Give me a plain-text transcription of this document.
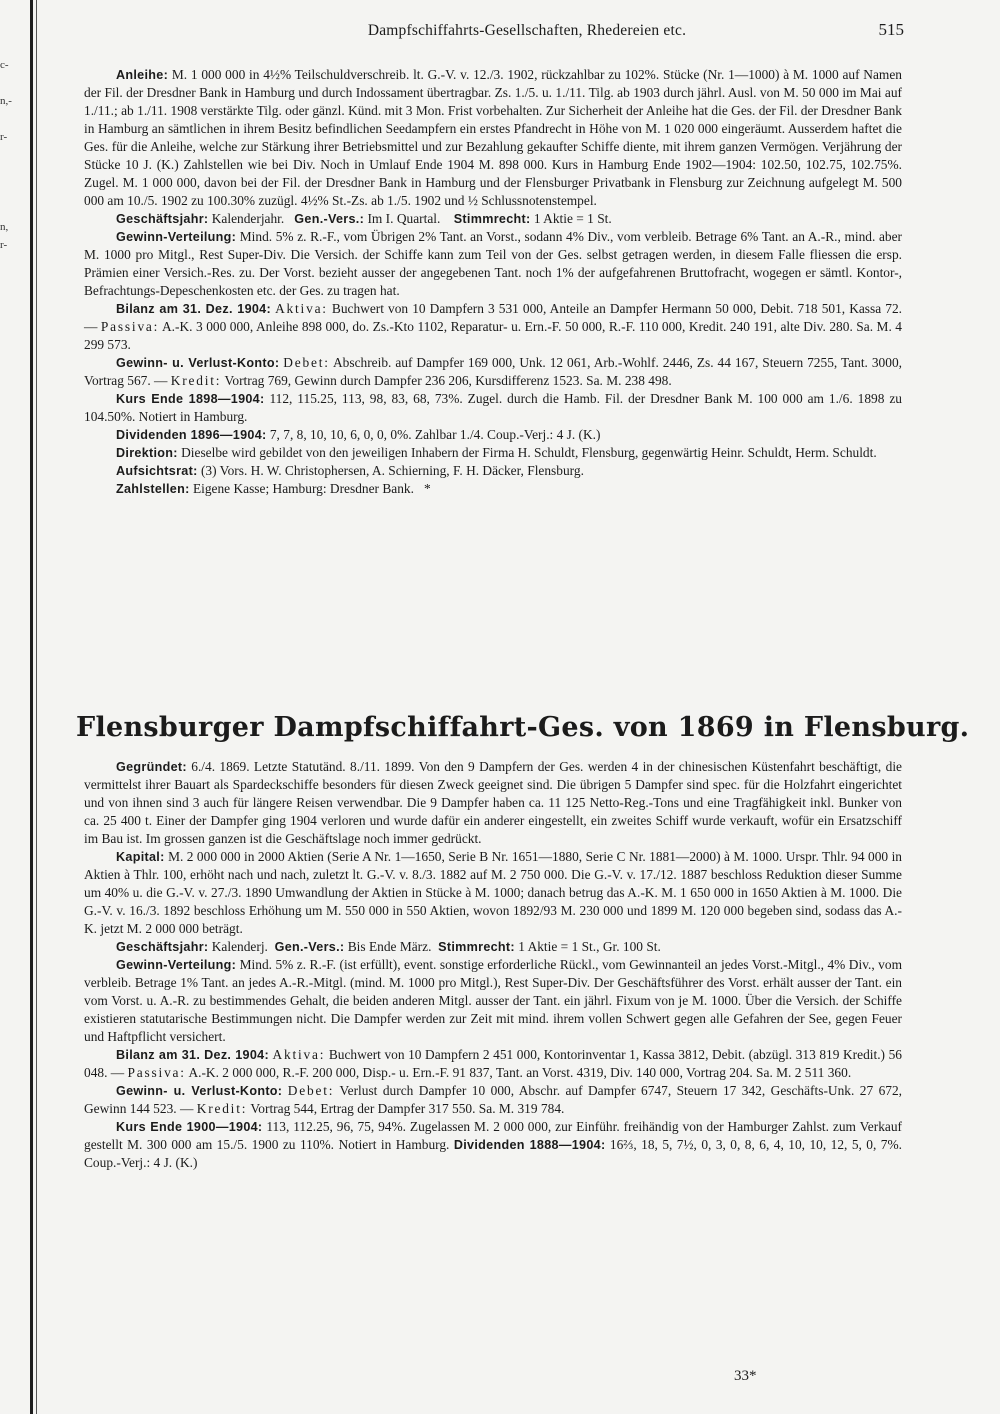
c-
n,-
r-
n,
r-
Dampfschiffahrts-Gesellschaften, Rhedereien etc.	515

Anleihe: M. 1 000 000 in 4½% Teilschuldverschreib. lt. G.-V. v. 12./3. 1902, rückzahlbar zu 102%. Stücke (Nr. 1—1000) à M. 1000 auf Namen der Fil. der Dresdner Bank in Hamburg und durch Indossament übertragbar. Zs. 1./5. u. 1./11. Tilg. ab 1903 durch jährl. Ausl. von M. 50 000 im Mai auf 1./11.; ab 1./11. 1908 verstärkte Tilg. oder gänzl. Künd. mit 3 Mon. Frist vorbehalten. Zur Sicherheit der Anleihe hat die Ges. der Fil. der Dresdner Bank in Hamburg an sämtlichen in ihrem Besitz befindlichen Seedampfern ein erstes Pfandrecht in Höhe von M. 1 020 000 eingeräumt. Ausserdem haftet die Ges. für die Anleihe, welche zur Stärkung ihrer Betriebsmittel und zur Bezahlung gekaufter Schiffe diente, mit ihrem ganzen Vermögen. Verjährung der Stücke 10 J. (K.) Zahlstellen wie bei Div. Noch in Umlauf Ende 1904 M. 898 000. Kurs in Hamburg Ende 1902—1904: 102.50, 102.75, 102.75%. Zugel. M. 1 000 000, davon bei der Fil. der Dresdner Bank in Hamburg und der Flensburger Privatbank in Flensburg zur Zeichnung aufgelegt M. 500 000 am 10./5. 1902 zu 100.30% zuzügl. 4½% St.-Zs. ab 1./5. 1902 und ½ Schlussnotenstempel.

Geschäftsjahr: Kalenderjahr. Gen.-Vers.: Im I. Quartal. Stimmrecht: 1 Aktie = 1 St.

Gewinn-Verteilung: Mind. 5% z. R.-F., vom Übrigen 2% Tant. an Vorst., sodann 4% Div., vom verbleib. Betrage 6% Tant. an A.-R., mind. aber M. 1000 pro Mitgl., Rest Super-Div. Die Versich. der Schiffe kann zum Teil von der Ges. selbst getragen werden, in diesem Falle fliessen die ersp. Prämien einer Versich.-Res. zu. Der Vorst. bezieht ausser der angegebenen Tant. noch 1% der aufgefahrenen Bruttofracht, wogegen er sämtl. Kontor-, Befrachtungs-Depeschenkosten etc. der Ges. zu tragen hat.

Bilanz am 31. Dez. 1904: Aktiva: Buchwert von 10 Dampfern 3 531 000, Anteile an Dampfer Hermann 50 000, Debit. 718 501, Kassa 72. — Passiva: A.-K. 3 000 000, Anleihe 898 000, do. Zs.-Kto 1102, Reparatur- u. Ern.-F. 50 000, R.-F. 110 000, Kredit. 240 191, alte Div. 280. Sa. M. 4 299 573.

Gewinn- u. Verlust-Konto: Debet: Abschreib. auf Dampfer 169 000, Unk. 12 061, Arb.-Wohlf. 2446, Zs. 44 167, Steuern 7255, Tant. 3000, Vortrag 567. — Kredit: Vortrag 769, Gewinn durch Dampfer 236 206, Kursdifferenz 1523. Sa. M. 238 498.

Kurs Ende 1898—1904: 112, 115.25, 113, 98, 83, 68, 73%. Zugel. durch die Hamb. Fil. der Dresdner Bank M. 100 000 am 1./6. 1898 zu 104.50%. Notiert in Hamburg.

Dividenden 1896—1904: 7, 7, 8, 10, 10, 6, 0, 0, 0%. Zahlbar 1./4. Coup.-Verj.: 4 J. (K.)

Direktion: Dieselbe wird gebildet von den jeweiligen Inhabern der Firma H. Schuldt, Flensburg, gegenwärtig Heinr. Schuldt, Herm. Schuldt.

Aufsichtsrat: (3) Vors. H. W. Christophersen, A. Schierning, F. H. Däcker, Flensburg.

Zahlstellen: Eigene Kasse; Hamburg: Dresdner Bank. *

Flensburger Dampfschiffahrt-Ges. von 1869 in Flensburg.

Gegründet: 6./4. 1869. Letzte Statutänd. 8./11. 1899. Von den 9 Dampfern der Ges. werden 4 in der chinesischen Küstenfahrt beschäftigt, die vermittelst ihrer Bauart als Spardeckschiffe besonders für diesen Zweck geeignet sind. Die übrigen 5 Dampfer sind spec. für die Holzfahrt eingerichtet und von ihnen sind 3 auch für längere Reisen verwendbar. Die 9 Dampfer haben ca. 11 125 Netto-Reg.-Tons und eine Tragfähigkeit inkl. Bunker von ca. 25 400 t. Einer der Dampfer ging 1904 verloren und wurde dafür ein anderer eingestellt, ein zweites Schiff wurde verkauft, wofür ein Ersatzschiff im Bau ist. Im grossen ganzen ist die Geschäftslage noch immer gedrückt.

Kapital: M. 2 000 000 in 2000 Aktien (Serie A Nr. 1—1650, Serie B Nr. 1651—1880, Serie C Nr. 1881—2000) à M. 1000. Urspr. Thlr. 94 000 in Aktien à Thlr. 100, erhöht nach und nach, zuletzt lt. G.-V. v. 8./3. 1882 auf M. 2 750 000. Die G.-V. v. 17./12. 1887 beschloss Reduktion dieser Summe um 40% u. die G.-V. v. 27./3. 1890 Umwandlung der Aktien in Stücke à M. 1000; danach betrug das A.-K. M. 1 650 000 in 1650 Aktien à M. 1000. Die G.-V. v. 16./3. 1892 beschloss Erhöhung um M. 550 000 in 550 Aktien, wovon 1892/93 M. 230 000 und 1899 M. 120 000 begeben sind, sodass das A.-K. jetzt M. 2 000 000 beträgt.

Geschäftsjahr: Kalenderj. Gen.-Vers.: Bis Ende März. Stimmrecht: 1 Aktie = 1 St., Gr. 100 St.

Gewinn-Verteilung: Mind. 5% z. R.-F. (ist erfüllt), event. sonstige erforderliche Rückl., vom Gewinnanteil an jedes Vorst.-Mitgl., 4% Div., vom verbleib. Betrage 1% Tant. an jedes A.-R.-Mitgl. (mind. M. 1000 pro Mitgl.), Rest Super-Div. Der Geschäftsführer des Vorst. erhält ausser der Tant. ein vom Vorst. u. A.-R. zu bestimmendes Gehalt, die beiden anderen Mitgl. ausser der Tant. ein jährl. Fixum von je M. 1000. Über die Versich. der Schiffe existieren statutarische Bestimmungen nicht. Die Dampfer werden zur Zeit mit mind. ihrem vollen Schwert gegen alle Gefahren der See, gegen Feuer und Haftpflicht versichert.

Bilanz am 31. Dez. 1904: Aktiva: Buchwert von 10 Dampfern 2 451 000, Kontorinventar 1, Kassa 3812, Debit. (abzügl. 313 819 Kredit.) 56 048. — Passiva: A.-K. 2 000 000, R.-F. 200 000, Disp.- u. Ern.-F. 91 837, Tant. an Vorst. 4319, Div. 140 000, Vortrag 204. Sa. M. 2 511 360.

Gewinn- u. Verlust-Konto: Debet: Verlust durch Dampfer 10 000, Abschr. auf Dampfer 6747, Steuern 17 342, Geschäfts-Unk. 27 672, Gewinn 144 523. — Kredit: Vortrag 544, Ertrag der Dampfer 317 550. Sa. M. 319 784.

Kurs Ende 1900—1904: 113, 112.25, 96, 75, 94%. Zugelassen M. 2 000 000, zur Einführ. freihändig von der Hamburger Zahlst. zum Verkauf gestellt M. 300 000 am 15./5. 1900 zu 110%. Notiert in Hamburg. Dividenden 1888—1904: 16⅔, 18, 5, 7½, 0, 3, 0, 8, 6, 4, 10, 10, 12, 5, 0, 7%. Coup.-Verj.: 4 J. (K.)

33*
